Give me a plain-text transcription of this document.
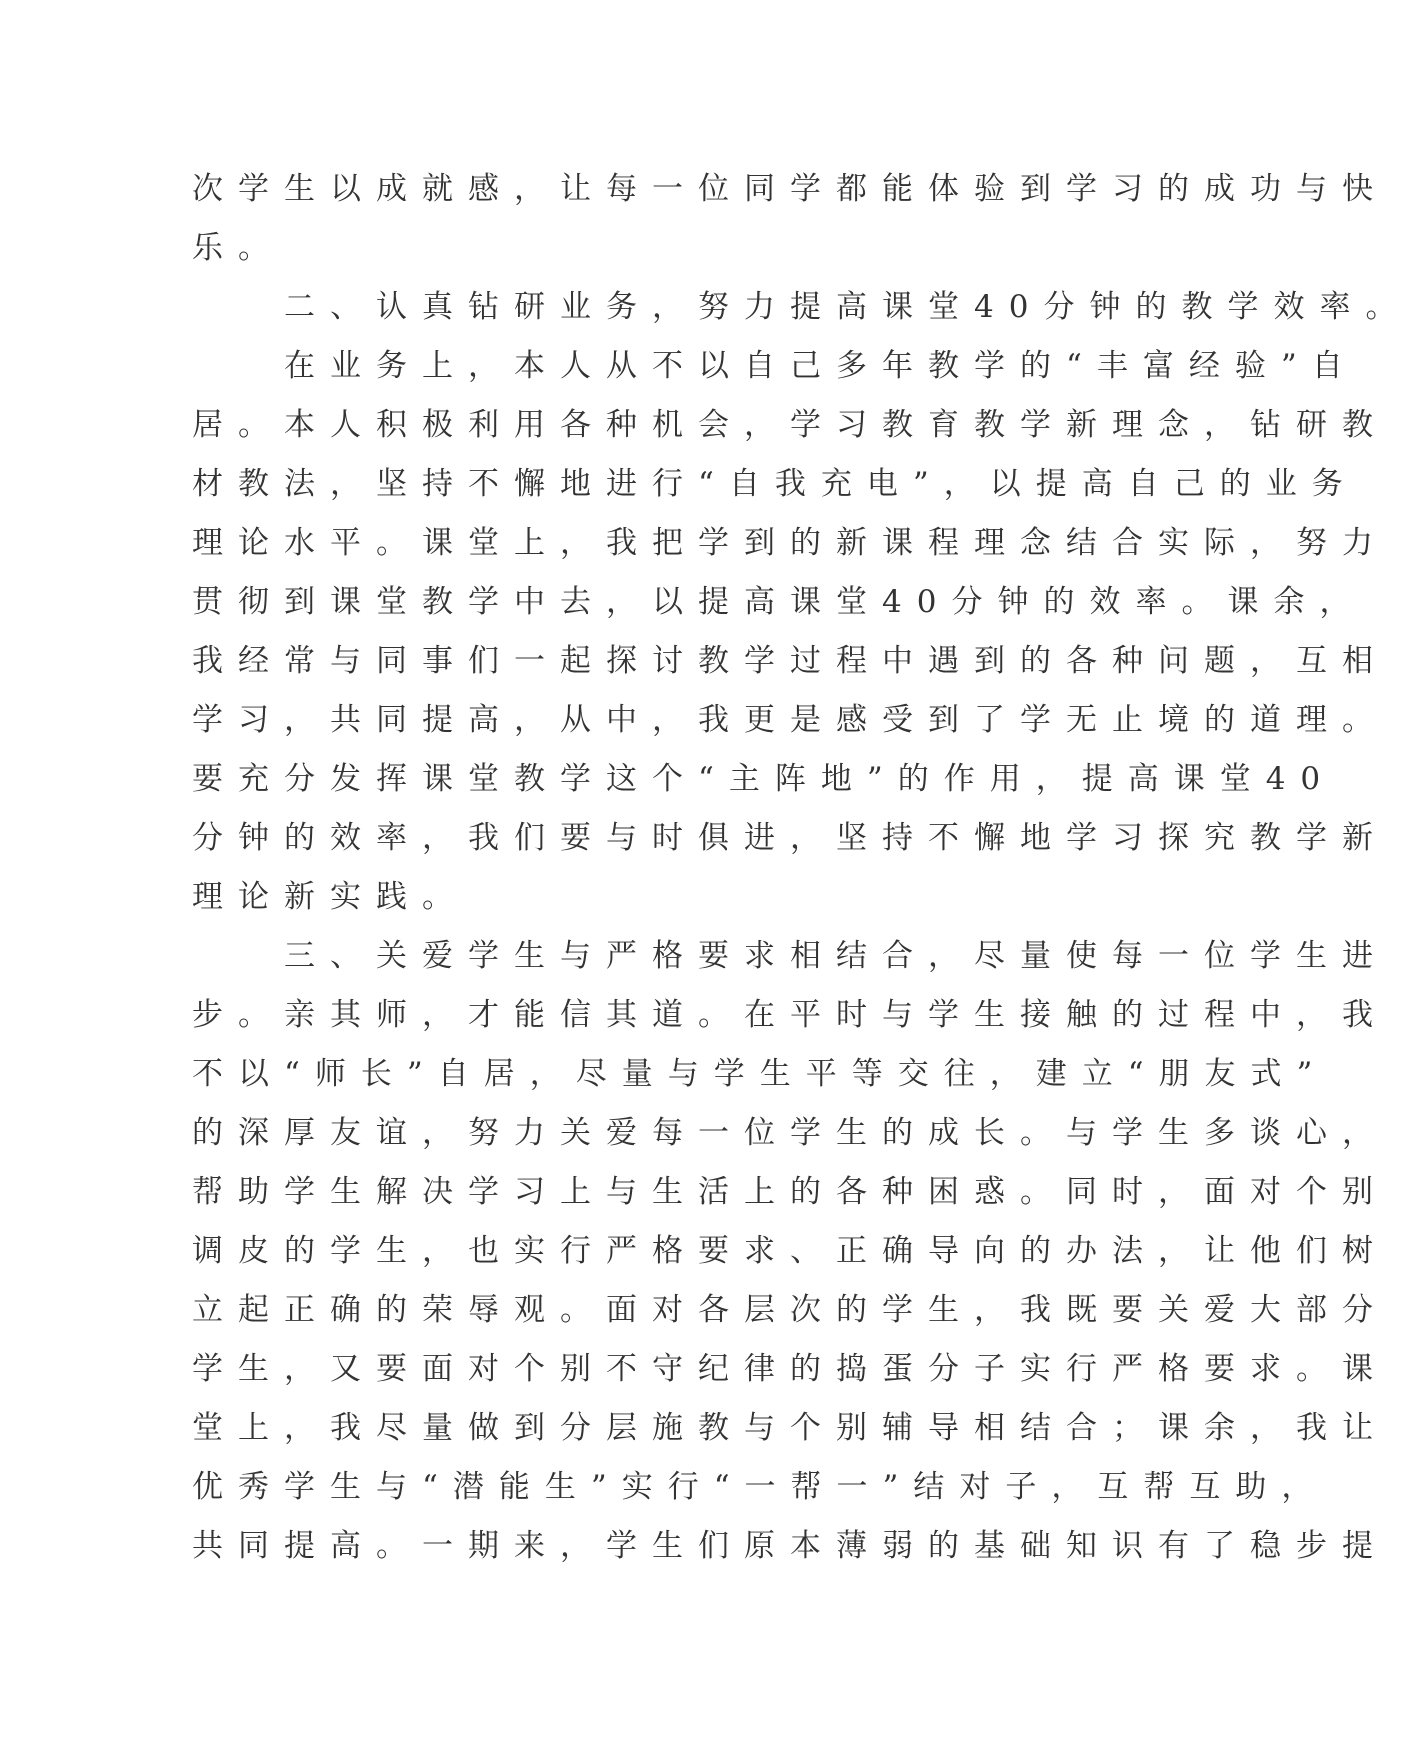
次学生以成就感，让每一位同学都能体验到学习的成功与快
乐。
二、认真钻研业务，努力提高课堂40分钟的教学效率。
在业务上，本人从不以自己多年教学的“丰富经验”自
居。本人积极利用各种机会，学习教育教学新理念，钻研教
材教法，坚持不懈地进行“自我充电”，以提高自己的业务
理论水平。课堂上，我把学到的新课程理念结合实际，努力
贯彻到课堂教学中去，以提高课堂40分钟的效率。课余，
我经常与同事们一起探讨教学过程中遇到的各种问题，互相
学习，共同提高，从中，我更是感受到了学无止境的道理。
要充分发挥课堂教学这个“主阵地”的作用，提高课堂40
分钟的效率，我们要与时俱进，坚持不懈地学习探究教学新
理论新实践。
三、关爱学生与严格要求相结合，尽量使每一位学生进
步。亲其师，才能信其道。在平时与学生接触的过程中，我
不以“师长”自居，尽量与学生平等交往，建立“朋友式”
的深厚友谊，努力关爱每一位学生的成长。与学生多谈心，
帮助学生解决学习上与生活上的各种困惑。同时，面对个别
调皮的学生，也实行严格要求、正确导向的办法，让他们树
立起正确的荣辱观。面对各层次的学生，我既要关爱大部分
学生，又要面对个别不守纪律的捣蛋分子实行严格要求。课
堂上，我尽量做到分层施教与个别辅导相结合；课余，我让
优秀学生与“潜能生”实行“一帮一”结对子，互帮互助，
共同提高。一期来，学生们原本薄弱的基础知识有了稳步提
